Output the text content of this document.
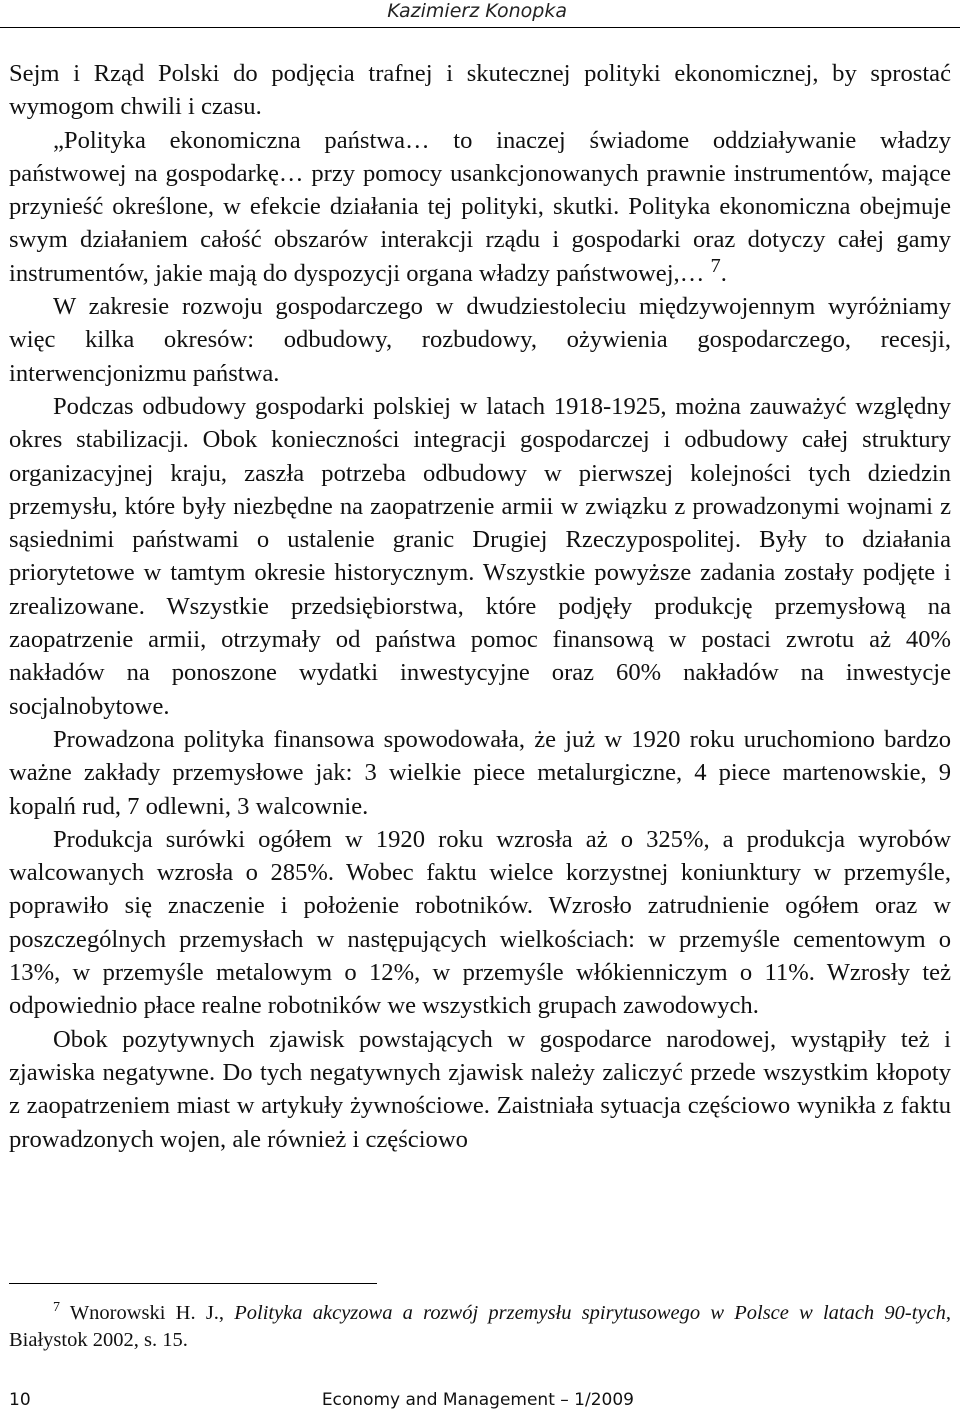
Kazimierz Konopka

Sejm i Rząd Polski do podjęcia trafnej i skutecznej polityki ekonomicznej, by sprostać wymogom chwili i czasu.

„Polityka ekonomiczna państwa… to inaczej świadome oddziaływanie władzy państwowej na gospodarkę… przy pomocy usankcjonowanych prawnie instrumentów, mające przynieść określone, w efekcie działania tej polityki, skutki. Polityka ekonomiczna obejmuje swym działaniem całość obszarów interakcji rządu i gospodarki oraz dotyczy całej gamy instrumentów, jakie mają do dyspozycji organa władzy państwowej,… $^7$.

W zakresie rozwoju gospodarczego w dwudziestoleciu międzywojennym wyróżniamy więc kilka okresów: odbudowy, rozbudowy, ożywienia gospodarczego, recesji, interwencjonizmu państwa.

Podczas odbudowy gospodarki polskiej w latach 1918-1925, można zauważyć względny okres stabilizacji. Obok konieczności integracji gospodarczej i odbudowy całej struktury organizacyjnej kraju, zaszła potrzeba odbudowy w pierwszej kolejności tych dziedzin przemysłu, które były niezbędne na zaopatrzenie armii w związku z prowadzonymi wojnami z sąsiednimi państwami o ustalenie granic Drugiej Rzeczypospolitej. Były to działania priorytetowe w tamtym okresie historycznym. Wszystkie powyższe zadania zostały podjęte i zrealizowane. Wszystkie przedsiębiorstwa, które podjęły produkcję przemysłową na zaopatrzenie armii, otrzymały od państwa pomoc finansową w postaci zwrotu aż 40% nakładów na ponoszone wydatki inwestycyjne oraz 60% nakładów na inwestycje socjalnobytowe.

Prowadzona polityka finansowa spowodowała, że już w 1920 roku uruchomiono bardzo ważne zakłady przemysłowe jak: 3 wielkie piece metalurgiczne, 4 piece martenowskie, 9 kopalń rud, 7 odlewni, 3 walcownie.

Produkcja surówki ogółem w 1920 roku wzrosła aż o 325%, a produkcja wyrobów walcowanych wzrosła o 285%. Wobec faktu wielce korzystnej koniunktury w przemyśle, poprawiło się znaczenie i położenie robotników. Wzrosło zatrudnienie ogółem oraz w poszczególnych przemysłach w następujących wielkościach: w przemyśle cementowym o 13%, w przemyśle metalowym o 12%, w przemyśle włókienniczym o 11%. Wzrosły też odpowiednio płace realne robotników we wszystkich grupach zawodowych.

Obok pozytywnych zjawisk powstających w gospodarce narodowej, wystąpiły też i zjawiska negatywne. Do tych negatywnych zjawisk należy zaliczyć przede wszystkim kłopoty z zaopatrzeniem miast w artykuły żywnościowe. Zaistniała sytuacja częściowo wynikła z faktu prowadzonych wojen, ale również i częściowo

$^7$ Wnorowski H. J., Polityka akcyzowa a rozwój przemysłu spirytusowego w Polsce w latach 90-tych, Białystok 2002, s. 15.
10	Economy and Management – 1/2009
